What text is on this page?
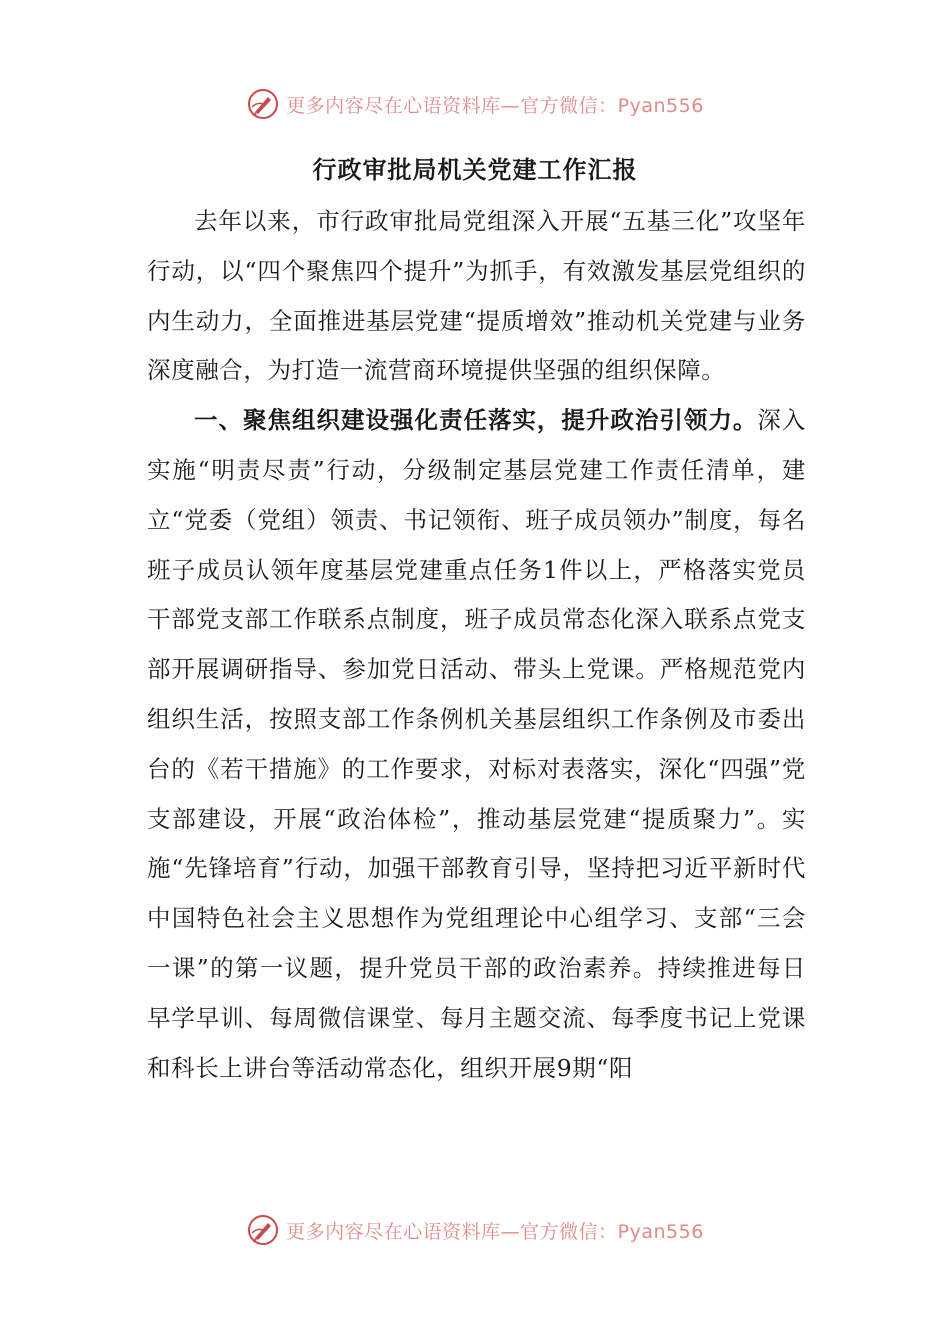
更多内容尽在心语资料库—官方微信：Pyan556
行政审批局机关党建工作汇报

去年以来，市行政审批局党组深入开展“五基三化”攻坚年行动，以“四个聚焦四个提升”为抓手，有效激发基层党组织的内生动力，全面推进基层党建“提质增效”推动机关党建与业务深度融合，为打造一流营商环境提供坚强的组织保障。

一、聚焦组织建设强化责任落实，提升政治引领力。深入实施“明责尽责”行动，分级制定基层党建工作责任清单，建立“党委（党组）领责、书记领衔、班子成员领办”制度，每名班子成员认领年度基层党建重点任务1件以上，严格落实党员干部党支部工作联系点制度，班子成员常态化深入联系点党支部开展调研指导、参加党日活动、带头上党课。严格规范党内组织生活，按照支部工作条例机关基层组织工作条例及市委出台的《若干措施》的工作要求，对标对表落实，深化“四强”党支部建设，开展“政治体检”，推动基层党建“提质聚力”。实施“先锋培育”行动，加强干部教育引导，坚持把习近平新时代中国特色社会主义思想作为党组理论中心组学习、支部“三会一课”的第一议题，提升党员干部的政治素养。持续推进每日早学早训、每周微信课堂、每月主题交流、每季度书记上党课和科长上讲台等活动常态化，组织开展9期“阳

更多内容尽在心语资料库—官方微信：Pyan556
